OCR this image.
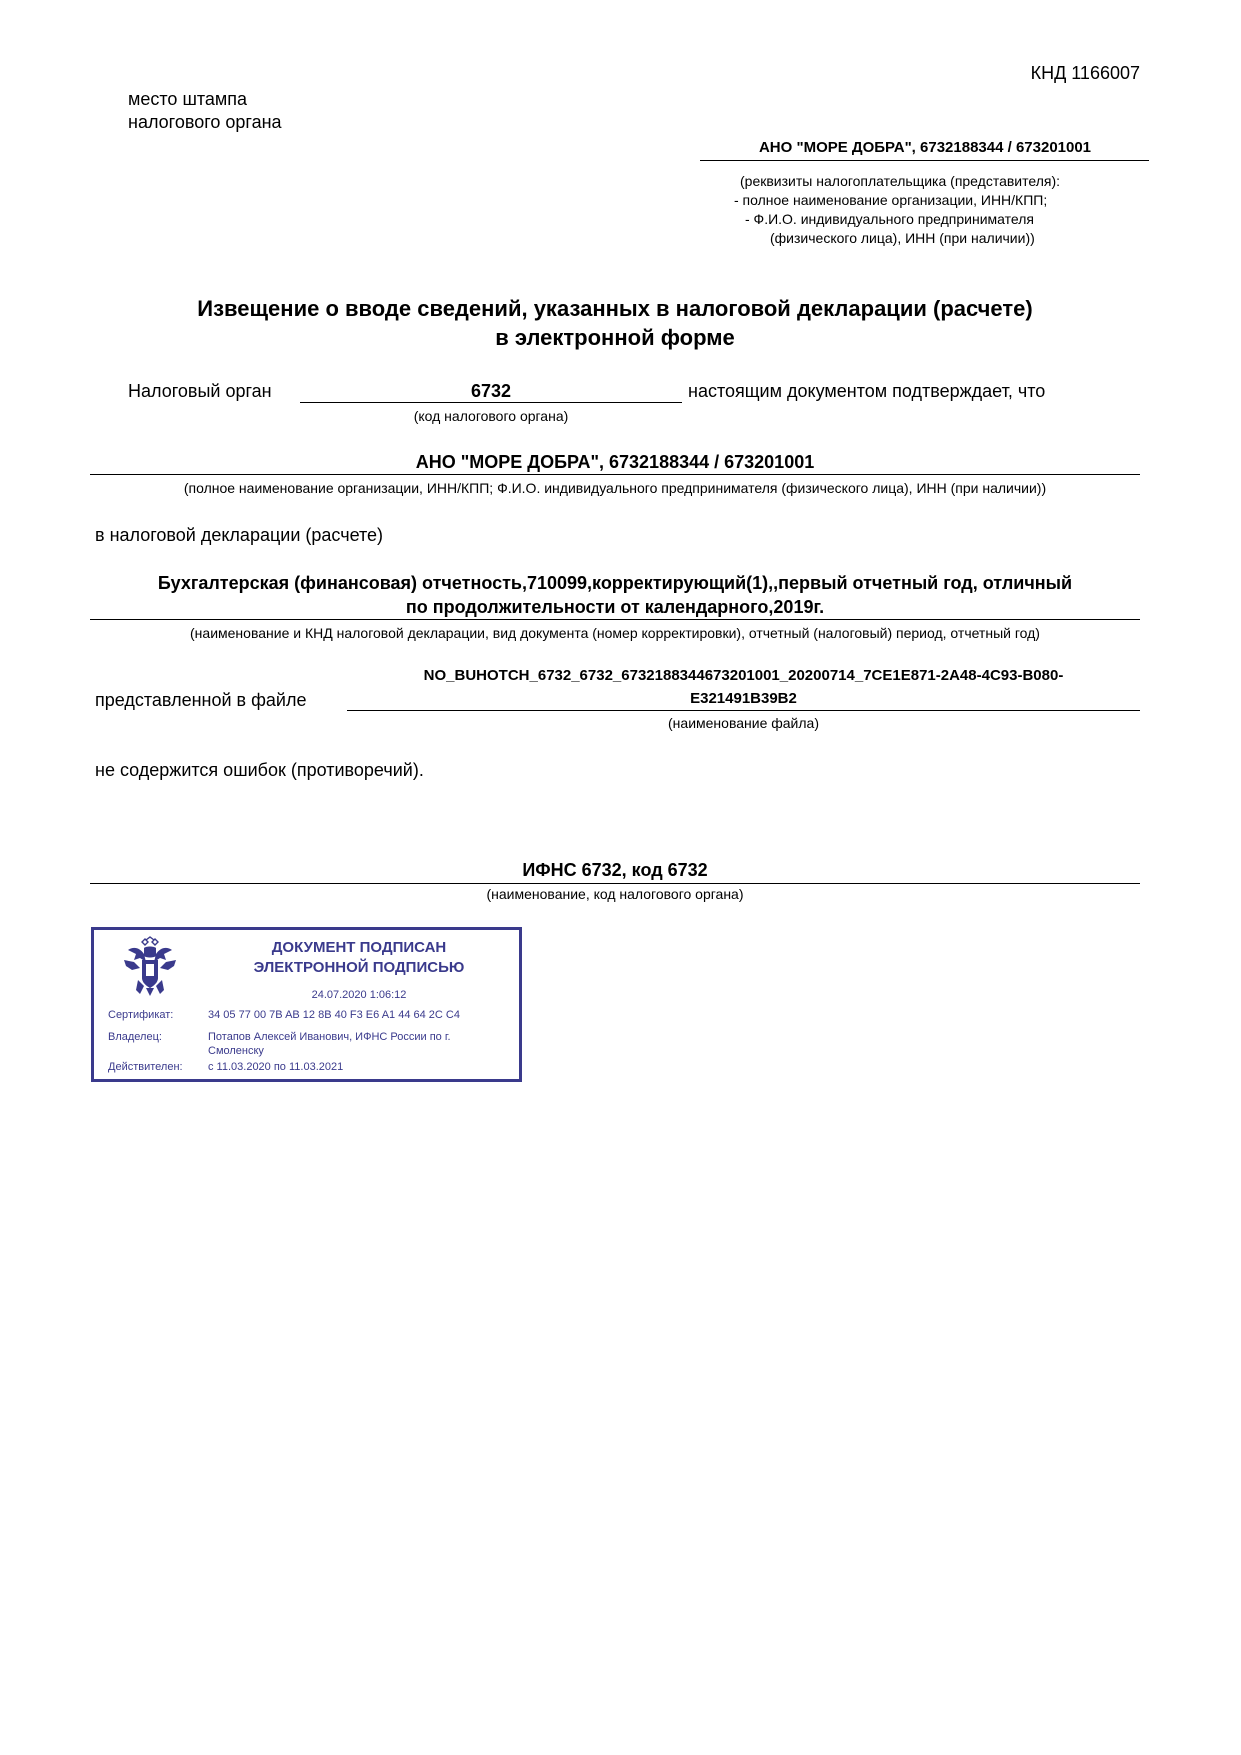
КНД 1166007
место штампа
налогового органа
АНО "МОРЕ ДОБРА", 6732188344 / 673201001
(реквизиты налогоплательщика (представителя):
- полное наименование организации, ИНН/КПП;
- Ф.И.О. индивидуального предпринимателя
(физического лица), ИНН (при наличии))
Извещение о вводе сведений, указанных в налоговой декларации (расчете)
в электронной форме
Налоговый орган	6732	настоящим документом подтверждает, что
(код налогового органа)
АНО "МОРЕ ДОБРА", 6732188344 / 673201001
(полное наименование организации, ИНН/КПП; Ф.И.О. индивидуального предпринимателя (физического лица), ИНН (при наличии))
в налоговой декларации (расчете)
Бухгалтерская (финансовая) отчетность,710099,корректирующий(1),,первый отчетный год, отличный
по продолжительности от календарного,2019г.
(наименование и КНД налоговой декларации, вид документа (номер корректировки), отчетный (налоговый) период, отчетный год)
представленной в файле
NO_BUHOTCH_6732_6732_6732188344673201001_20200714_7CE1E871-2A48-4C93-B080-
E321491B39B2
(наименование файла)
не содержится ошибок (противоречий).
ИФНС 6732, код 6732
(наименование, код налогового органа)
ДОКУМЕНТ ПОДПИСАН
ЭЛЕКТРОННОЙ ПОДПИСЬЮ
24.07.2020 1:06:12
Сертификат:	34 05 77 00 7B AB 12 8B 40 F3 E6 A1 44 64 2C C4
Владелец:	Потапов Алексей Иванович, ИФНС России по г.
Смоленску
Действителен:	с 11.03.2020 по 11.03.2021
